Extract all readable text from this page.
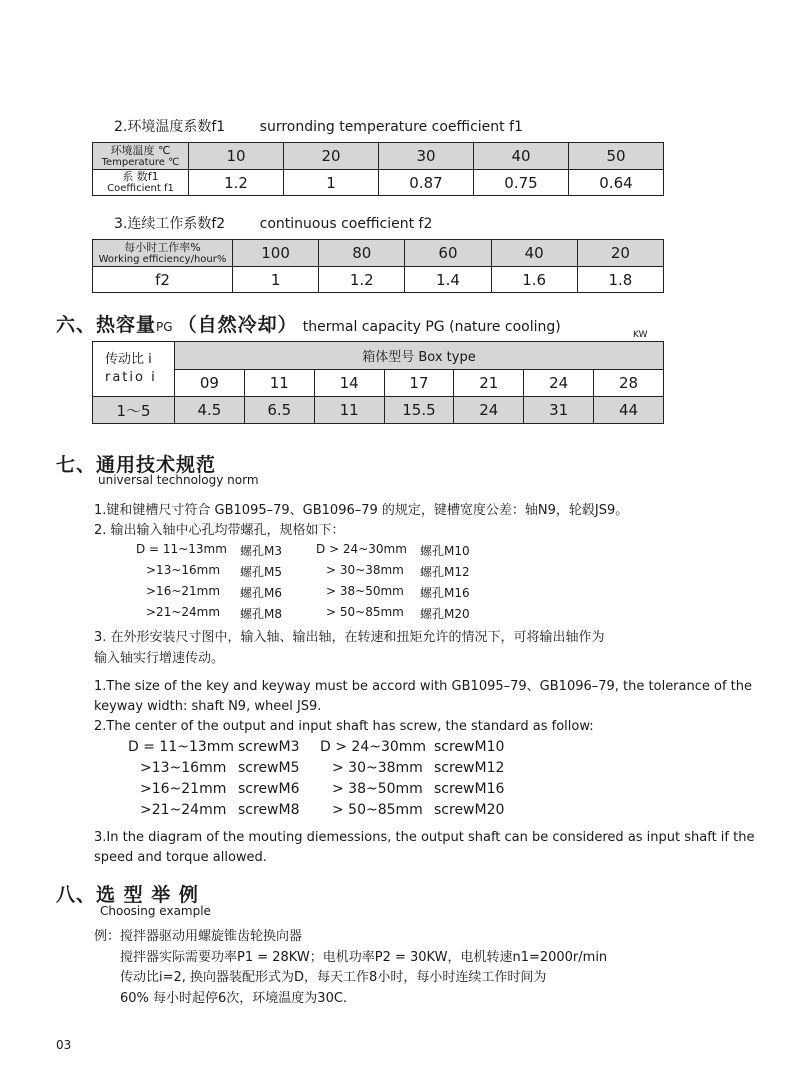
2.环境温度系数f1 surronding temperature coefficient f1
环境温度 ℃
Temperature ℃	10	20	30	40	50

系 数f1
Coefficient f1	1.2	1	0.87	0.75	0.64
3.连续工作系数f2 continuous coefficient f2
每小时工作率%
Working efficiency/hour%	100	80	60	40	20
f2	1	1.2	1.4	1.6	1.8
六、热容量PG （自然冷却） thermal capacity PG (nature cooling)	KW
传动比 i
ratio i	箱体型号 Box type						
	09	11	14	17	21	24	28
1～5	4.5	6.5	11	15.5	24	31	44
七、通用技术规范
universal technology norm
1.键和键槽尺寸符合 GB1095–79、GB1096–79 的规定，键槽宽度公差：轴N9，轮毂JS9。
2. 输出输入轴中心孔均带螺孔，规格如下：
D = 11~13mm 螺孔M3	D > 24~30mm 螺孔M10
>13~16mm 螺孔M5	> 30~38mm 螺孔M12
>16~21mm 螺孔M6	> 38~50mm 螺孔M16
>21~24mm 螺孔M8	> 50~85mm 螺孔M20
3. 在外形安装尺寸图中，输入轴、输出轴，在转速和扭矩允许的情况下，可将输出轴作为
输入轴实行增速传动。
1.The size of the key and keyway must be accord with GB1095–79、GB1096–79, the tolerance of the
keyway width: shaft N9, wheel JS9.
2.The center of the output and input shaft has screw, the standard as follow:
D = 11~13mm screwM3 D > 24~30mm screwM10
>13~16mm screwM5 > 30~38mm screwM12
>16~21mm screwM6 > 38~50mm screwM16
>21~24mm screwM8 > 50~85mm screwM20
3.In the diagram of the mouting diemessions, the output shaft can be considered as input shaft if the
speed and torque allowed.
八、选 型 举 例
Choosing example
例：搅拌器驱动用螺旋锥齿轮换向器
搅拌器实际需要功率P1 = 28KW；电机功率P2 = 30KW，电机转速n1=2000r/min
传动比i=2, 换向器装配形式为D，每天工作8小时，每小时连续工作时间为
60% 每小时起停6次，环境温度为30C.
03
